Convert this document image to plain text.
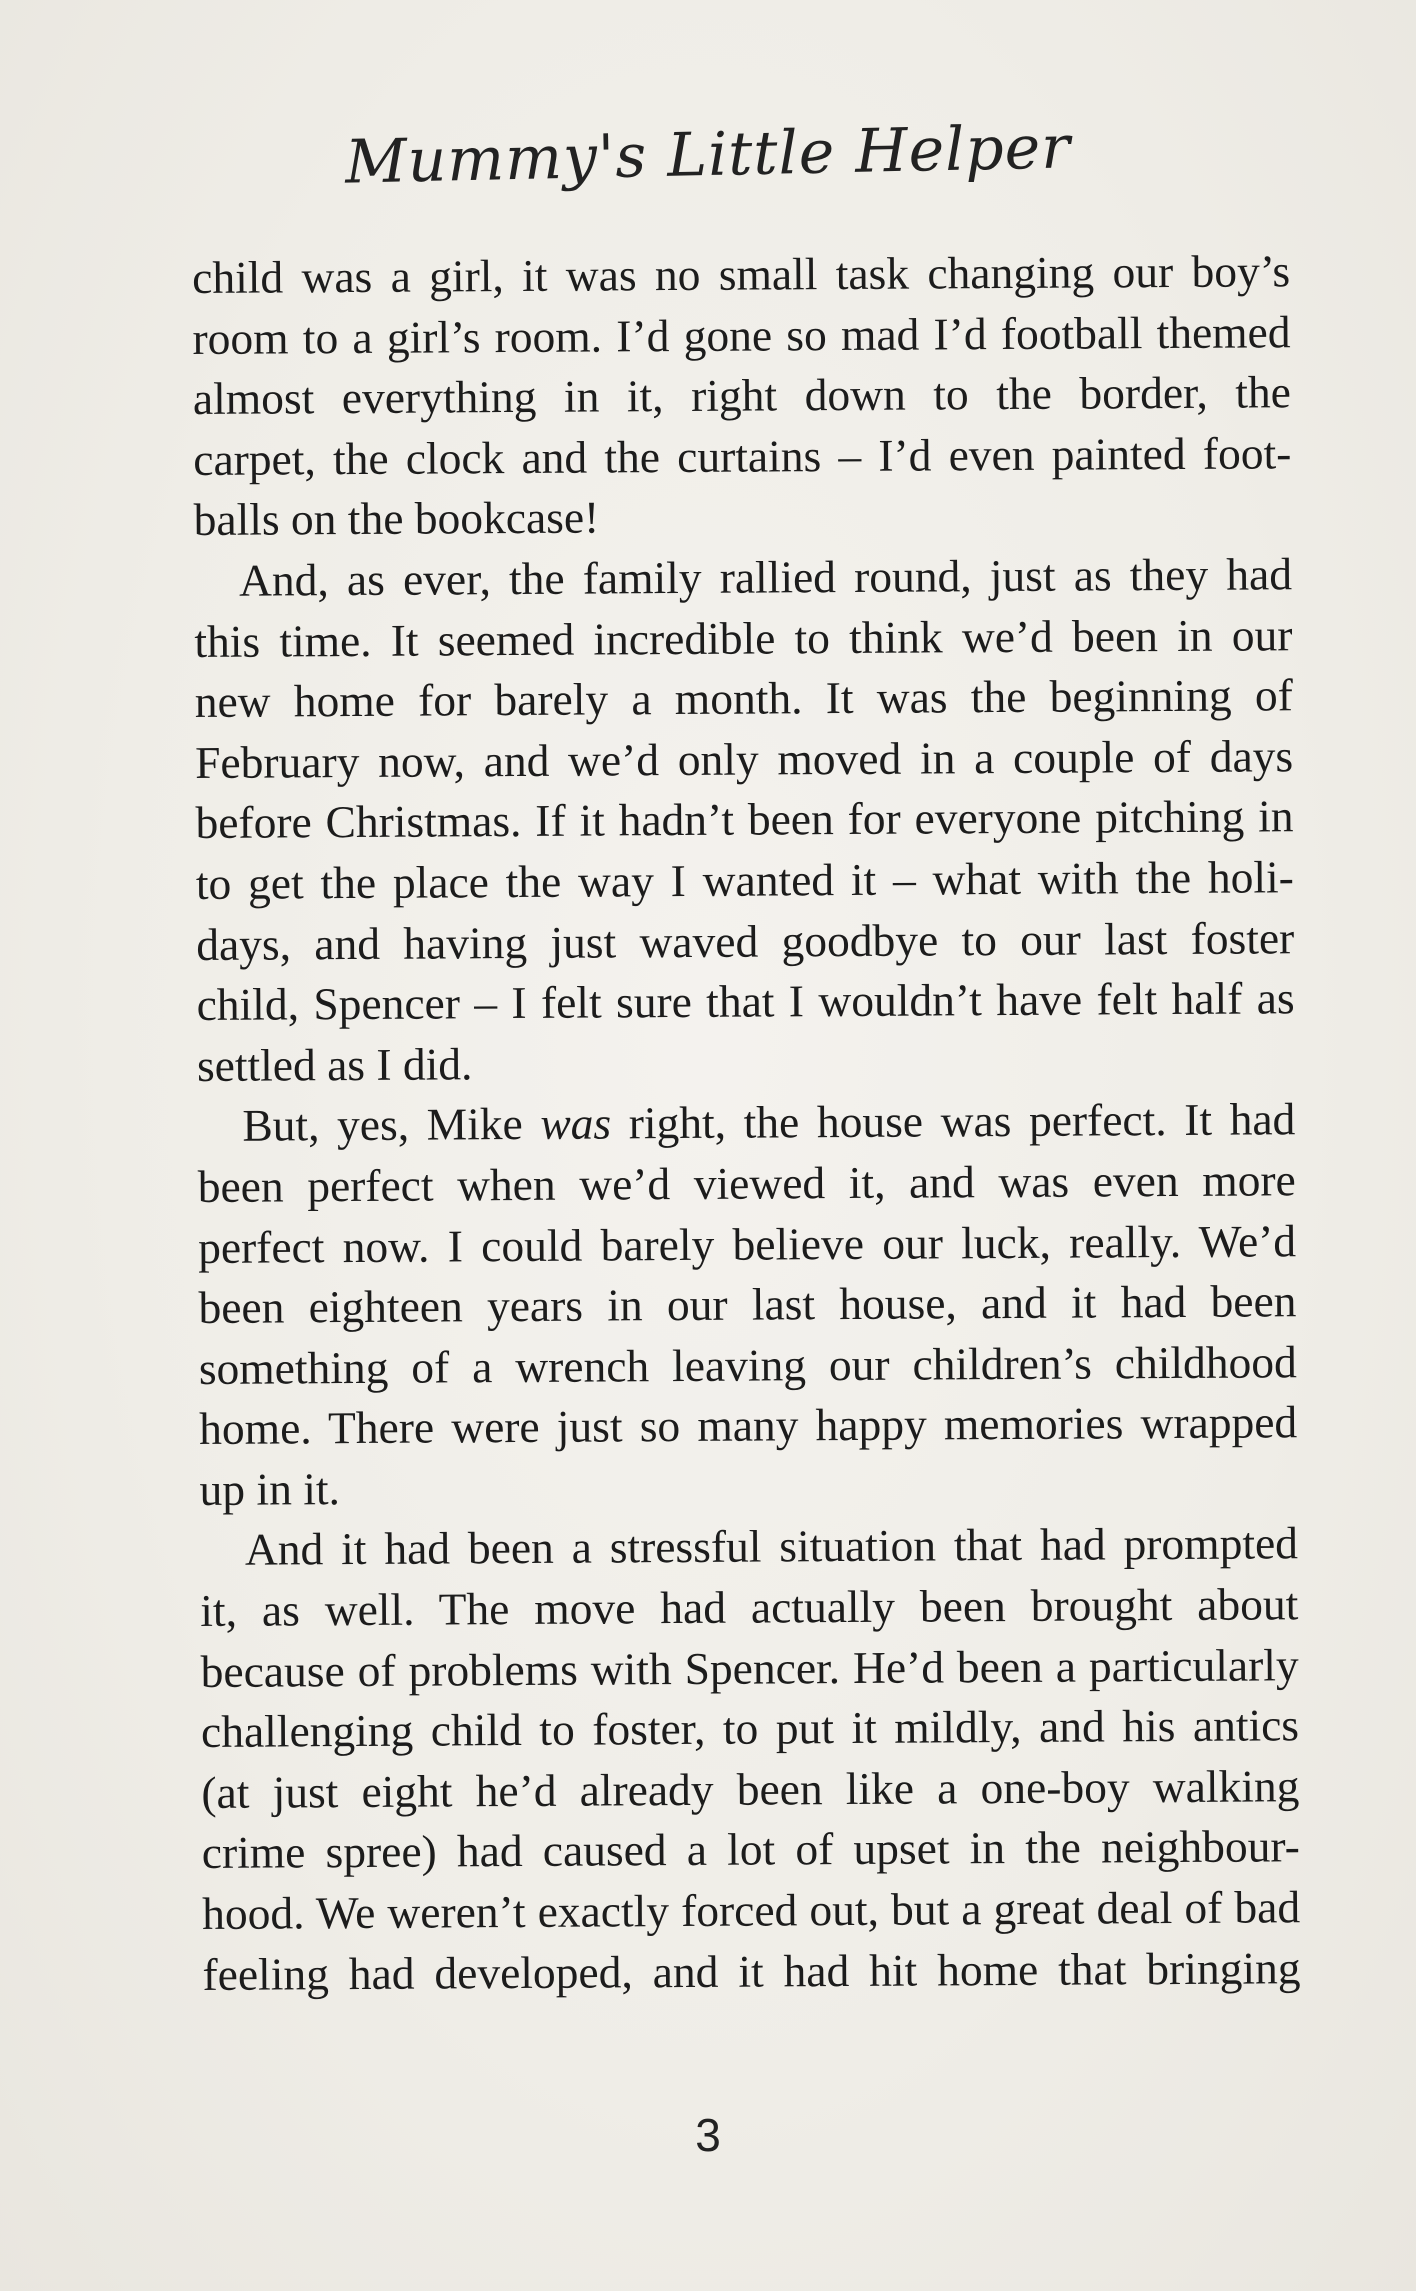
Mummy's Little Helper
child was a girl, it was no small task changing our boy’s
room to a girl’s room. I’d gone so mad I’d football themed
almost everything in it, right down to the border, the
carpet, the clock and the curtains – I’d even painted foot-
balls on the bookcase!
And, as ever, the family rallied round, just as they had
this time. It seemed incredible to think we’d been in our
new home for barely a month. It was the beginning of
February now, and we’d only moved in a couple of days
before Christmas. If it hadn’t been for everyone pitching in
to get the place the way I wanted it – what with the holi-
days, and having just waved goodbye to our last foster
child, Spencer – I felt sure that I wouldn’t have felt half as
settled as I did.
But, yes, Mike was right, the house was perfect. It had
been perfect when we’d viewed it, and was even more
perfect now. I could barely believe our luck, really. We’d
been eighteen years in our last house, and it had been
something of a wrench leaving our children’s childhood
home. There were just so many happy memories wrapped
up in it.
And it had been a stressful situation that had prompted
it, as well. The move had actually been brought about
because of problems with Spencer. He’d been a particularly
challenging child to foster, to put it mildly, and his antics
(at just eight he’d already been like a one-boy walking
crime spree) had caused a lot of upset in the neighbour-
hood. We weren’t exactly forced out, but a great deal of bad
feeling had developed, and it had hit home that bringing
3
